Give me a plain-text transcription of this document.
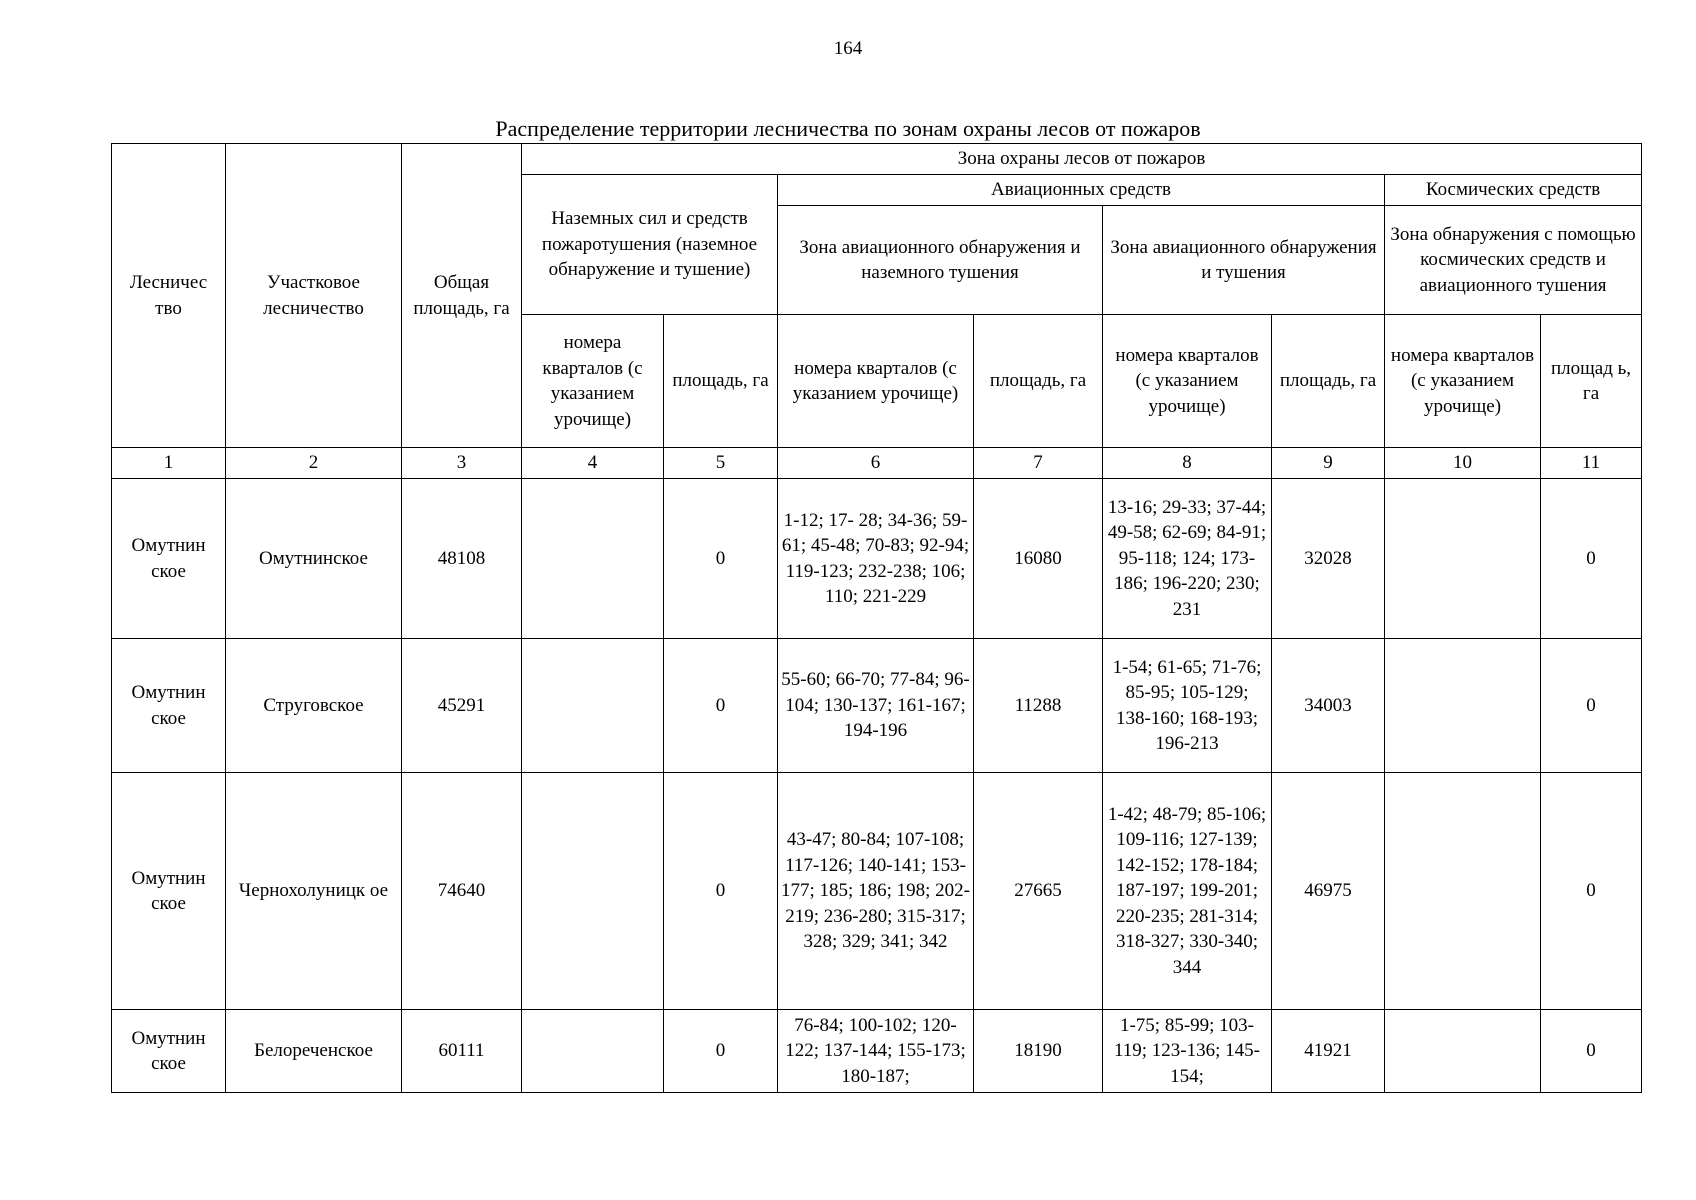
164
Распределение территории лесничества по зонам охраны лесов от пожаров
Лесничес тво	Участковое лесничество	Общая площадь, га	Зона охраны лесов от пожаров							
			Наземных сил и средств пожаротушения (наземное обнаружение и тушение)		Авиационных средств				Космических средств	
					Зона авиационного обнаружения и наземного тушения		Зона авиационного обнаружения и тушения		Зона обнаружения с помощью космических средств и авиационного тушения	
			номера кварталов (с указанием урочище)	площадь, га	номера кварталов (с указанием урочище)	площадь, га	номера кварталов (с указанием урочище)	площадь, га	номера кварталов (с указанием урочище)	площад ь, га
1	2	3	4	5	6	7	8	9	10	11
Омутнин ское	Омутнинское	48108		0	1-12; 17- 28; 34-36; 59-61; 45-48; 70-83; 92-94; 119-123; 232-238; 106; 110; 221-229	16080	13-16; 29-33; 37-44; 49-58; 62-69; 84-91; 95-118; 124; 173-186; 196-220; 230; 231	32028		0
Омутнин ское	Струговское	45291		0	55-60; 66-70; 77-84; 96-104; 130-137; 161-167; 194-196	11288	1-54; 61-65; 71-76; 85-95; 105-129; 138-160; 168-193; 196-213	34003		0
Омутнин ское	Чернохолуницк ое	74640		0	43-47; 80-84; 107-108; 117-126; 140-141; 153-177; 185; 186; 198; 202-219; 236-280; 315-317; 328; 329; 341; 342	27665	1-42; 48-79; 85-106; 109-116; 127-139; 142-152; 178-184; 187-197; 199-201; 220-235; 281-314; 318-327; 330-340; 344	46975		0
Омутнин ское	Белореченское	60111		0	76-84; 100-102; 120-122; 137-144; 155-173; 180-187;	18190	1-75; 85-99; 103-119; 123-136; 145-154;	41921		0
